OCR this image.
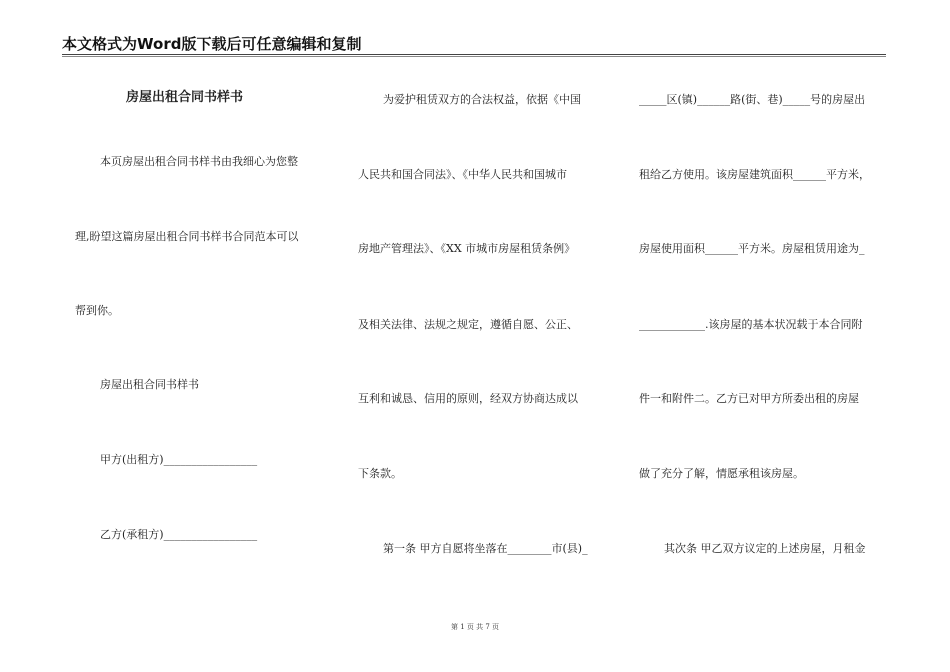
本文格式为Word版下载后可任意编辑和复制
房屋出租合同书样书
本页房屋出租合同书样书由我细心为您整
理,盼望这篇房屋出租合同书样书合同范本可以
帮到你。
房屋出租合同书样书
甲方(出租方)_________________
乙方(承租方)_________________
为爱护租赁双方的合法权益，依据《中国
人民共和国合同法》、《中华人民共和国城市
房地产管理法》、《XX 市城市房屋租赁条例》
及相关法律、法规之规定，遵循自愿、公正、
互利和诚恳、信用的原则，经双方协商达成以
下条款。
第一条 甲方自愿将坐落在________市(县)_
_____区(镇)______路(街、巷)_____号的房屋出
租给乙方使用。该房屋建筑面积______平方米，
房屋使用面积______平方米。房屋租赁用途为_
____________.该房屋的基本状况载于本合同附
件一和附件二。乙方已对甲方所委出租的房屋
做了充分了解，情愿承租该房屋。
其次条 甲乙双方议定的上述房屋，月租金
第 1 页 共 7 页
